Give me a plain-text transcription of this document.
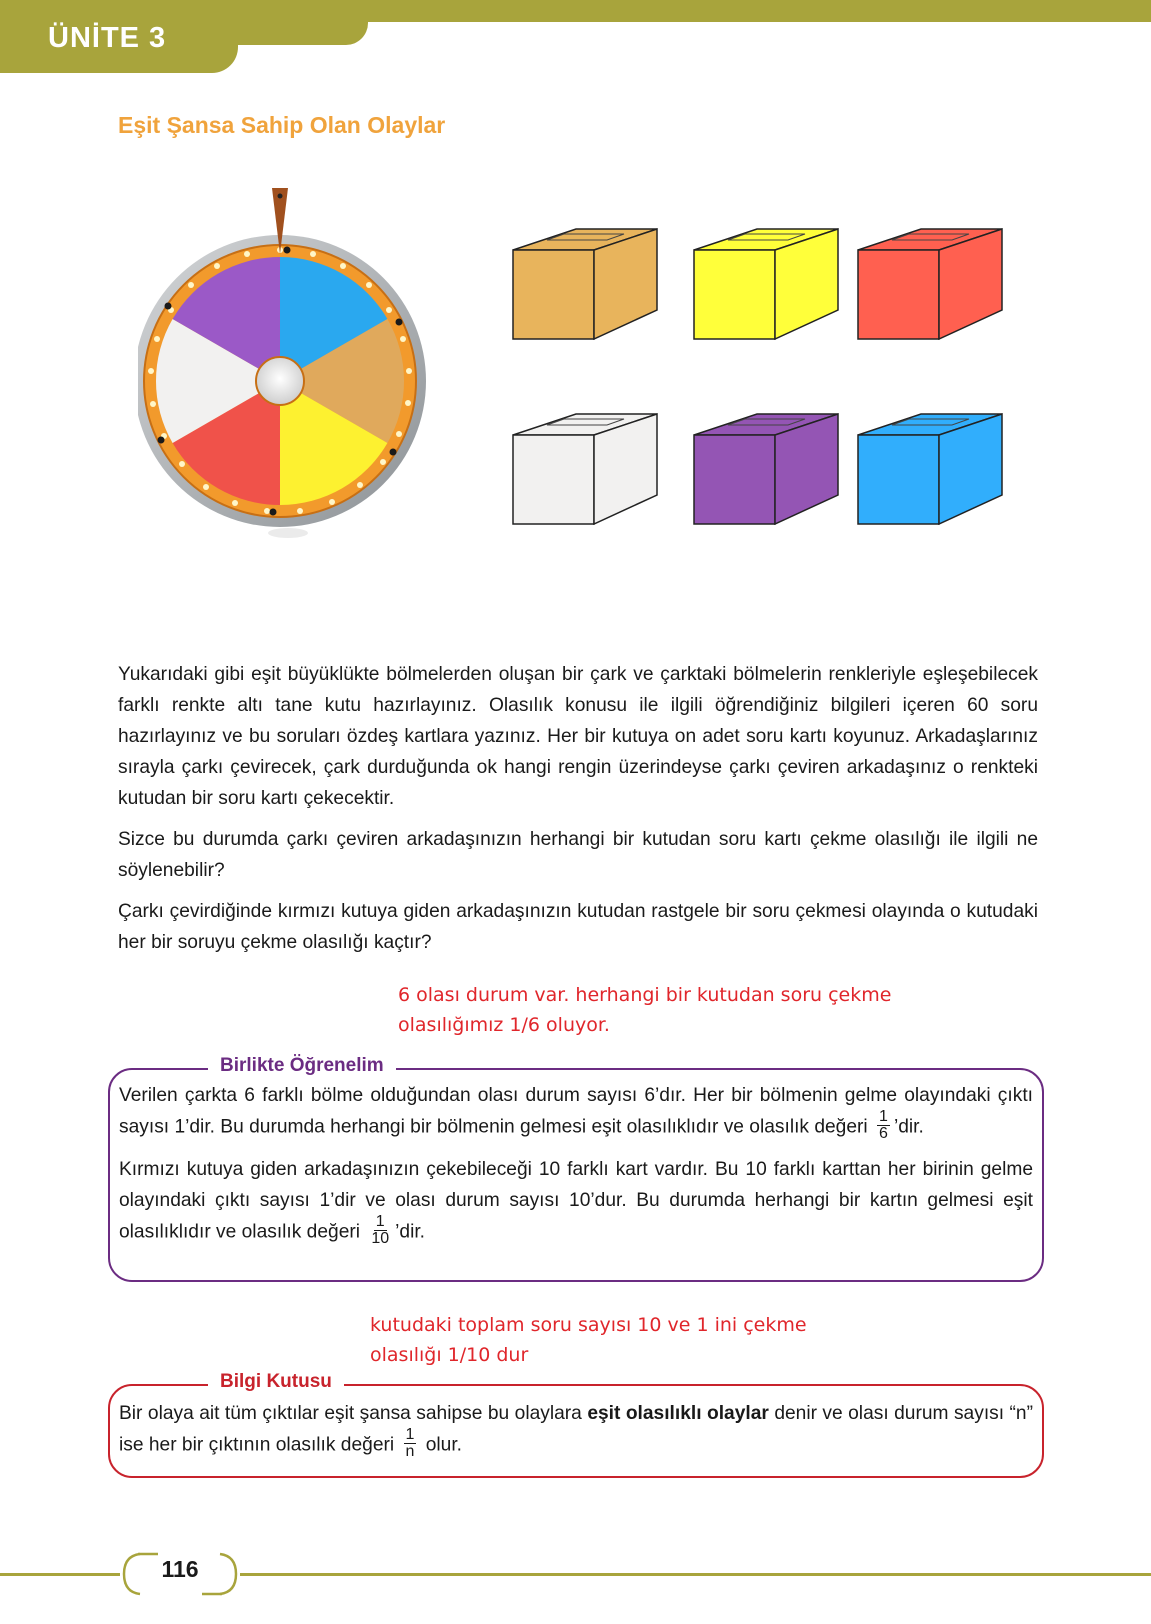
ÜNİTE 3
Eşit Şansa Sahip Olan Olaylar

Yukarıdaki gibi eşit büyüklükte bölmelerden oluşan bir çark ve çarktaki bölmelerin renkleriyle eşleşebilecek farklı renkte altı tane kutu hazırlayınız. Olasılık konusu ile ilgili öğrendiğiniz bilgileri içeren 60 soru hazırlayınız ve bu soruları özdeş kartlara yazınız. Her bir kutuya on adet soru kartı koyunuz. Arkadaşlarınız sırayla çarkı çevirecek, çark durduğunda ok hangi rengin üzerindeyse çarkı çeviren arkadaşınız o renkteki kutudan bir soru kartı çekecektir.

Sizce bu durumda çarkı çeviren arkadaşınızın herhangi bir kutudan soru kartı çekme olasılığı ile ilgili ne söylenebilir?

Çarkı çevirdiğinde kırmızı kutuya giden arkadaşınızın kutudan rastgele bir soru çekmesi olayında o kutudaki her bir soruyu çekme olasılığı kaçtır?

6 olası durum var. herhangi bir kutudan soru çekme
olasılığımız 1/6 oluyor.
Birlikte Öğrenelim
Verilen çarkta 6 farklı bölme olduğundan olası durum sayısı 6’dır. Her bir bölmenin gelme olayındaki çıktı sayısı 1’dir. Bu durumda herhangi bir bölmenin gelmesi eşit olasılıklıdır ve olasılık değeri $\frac{1}{6}$ ’dir.
Kırmızı kutuya giden arkadaşınızın çekebileceği 10 farklı kart vardır. Bu 10 farklı karttan her birinin gelme olayındaki çıktı sayısı 1’dir ve olası durum sayısı 10’dur. Bu durumda herhangi bir kartın gelmesi eşit olasılıklıdır ve olasılık değeri $\frac{1}{10}$ ’dir.
kutudaki toplam soru sayısı 10 ve 1 ini çekme
olasılığı 1/10 dur
Bilgi Kutusu
Bir olaya ait tüm çıktılar eşit şansa sahipse bu olaylara eşit olasılıklı olaylar denir ve olası durum sayısı “n” ise her bir çıktının olasılık değeri $\frac{1}{n}$ olur.
116
